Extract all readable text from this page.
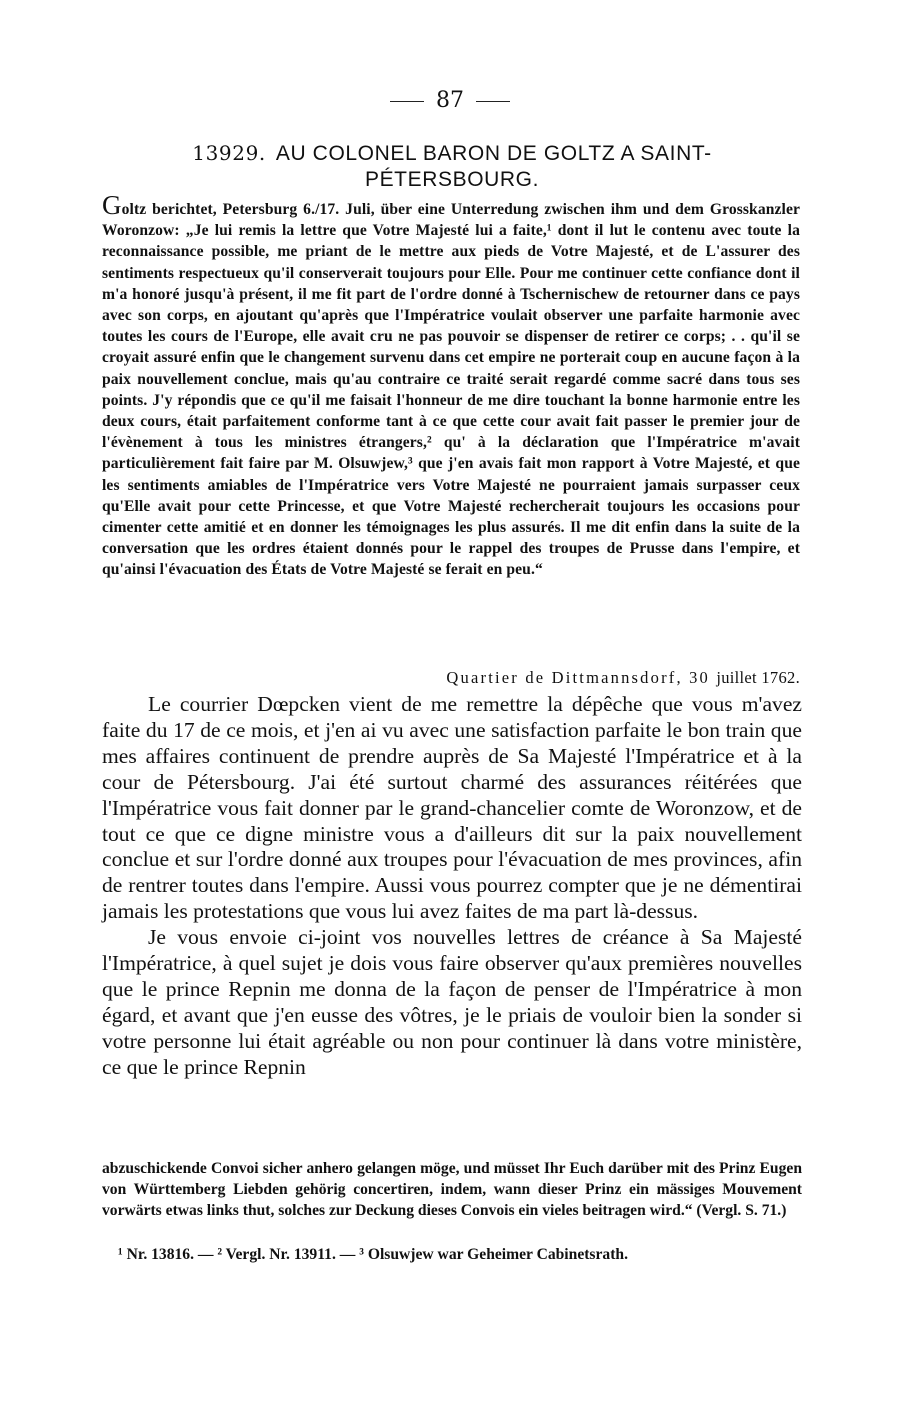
87
13929. AU COLONEL BARON DE GOLTZ A SAINT-
PÉTERSBOURG.

Goltz berichtet, Petersburg 6./17. Juli, über eine Unterredung zwischen ihm und dem Grosskanzler Woronzow: „Je lui remis la lettre que Votre Majesté lui a faite,¹ dont il lut le contenu avec toute la reconnaissance possible, me priant de le mettre aux pieds de Votre Majesté, et de L'assurer des sentiments respectueux qu'il conserverait toujours pour Elle. Pour me continuer cette confiance dont il m'a honoré jusqu'à présent, il me fit part de l'ordre donné à Tschernischew de retourner dans ce pays avec son corps, en ajoutant qu'après que l'Impératrice voulait observer une parfaite harmonie avec toutes les cours de l'Europe, elle avait cru ne pas pouvoir se dispenser de retirer ce corps; . . qu'il se croyait assuré enfin que le changement survenu dans cet empire ne porterait coup en aucune façon à la paix nouvellement conclue, mais qu'au contraire ce traité serait regardé comme sacré dans tous ses points. J'y répondis que ce qu'il me faisait l'honneur de me dire touchant la bonne harmonie entre les deux cours, était parfaitement conforme tant à ce que cette cour avait fait passer le premier jour de l'évènement à tous les ministres étrangers,² qu' à la déclaration que l'Impératrice m'avait particulièrement fait faire par M. Olsuwjew,³ que j'en avais fait mon rapport à Votre Majesté, et que les sentiments amiables de l'Impératrice vers Votre Majesté ne pourraient jamais surpasser ceux qu'Elle avait pour cette Princesse, et que Votre Majesté rechercherait toujours les occasions pour cimenter cette amitié et en donner les témoignages les plus assurés. Il me dit enfin dans la suite de la conversation que les ordres étaient donnés pour le rappel des troupes de Prusse dans l'empire, et qu'ainsi l'évacuation des États de Votre Majesté se ferait en peu.“

Quartier de Dittmannsdorf, 30 juillet 1762.

Le courrier Dœpcken vient de me remettre la dépêche que vous m'avez faite du 17 de ce mois, et j'en ai vu avec une satisfaction parfaite le bon train que mes affaires continuent de prendre auprès de Sa Majesté l'Impératrice et à la cour de Pétersbourg. J'ai été surtout charmé des assurances réitérées que l'Impératrice vous fait donner par le grand-chancelier comte de Woronzow, et de tout ce que ce digne ministre vous a d'ailleurs dit sur la paix nouvellement conclue et sur l'ordre donné aux troupes pour l'évacuation de mes provinces, afin de rentrer toutes dans l'empire. Aussi vous pourrez compter que je ne démentirai jamais les protestations que vous lui avez faites de ma part là-dessus.

Je vous envoie ci-joint vos nouvelles lettres de créance à Sa Majesté l'Impératrice, à quel sujet je dois vous faire observer qu'aux premières nouvelles que le prince Repnin me donna de la façon de penser de l'Impératrice à mon égard, et avant que j'en eusse des vôtres, je le priais de vouloir bien la sonder si votre personne lui était agréable ou non pour continuer là dans votre ministère, ce que le prince Repnin

abzuschickende Convoi sicher anhero gelangen möge, und müsset Ihr Euch darüber mit des Prinz Eugen von Württemberg Liebden gehörig concertiren, indem, wann dieser Prinz ein mässiges Mouvement vorwärts etwas links thut, solches zur Deckung dieses Convois ein vieles beitragen wird.“ (Vergl. S. 71.)

¹ Nr. 13816. — ² Vergl. Nr. 13911. — ³ Olsuwjew war Geheimer Cabinetsrath.
